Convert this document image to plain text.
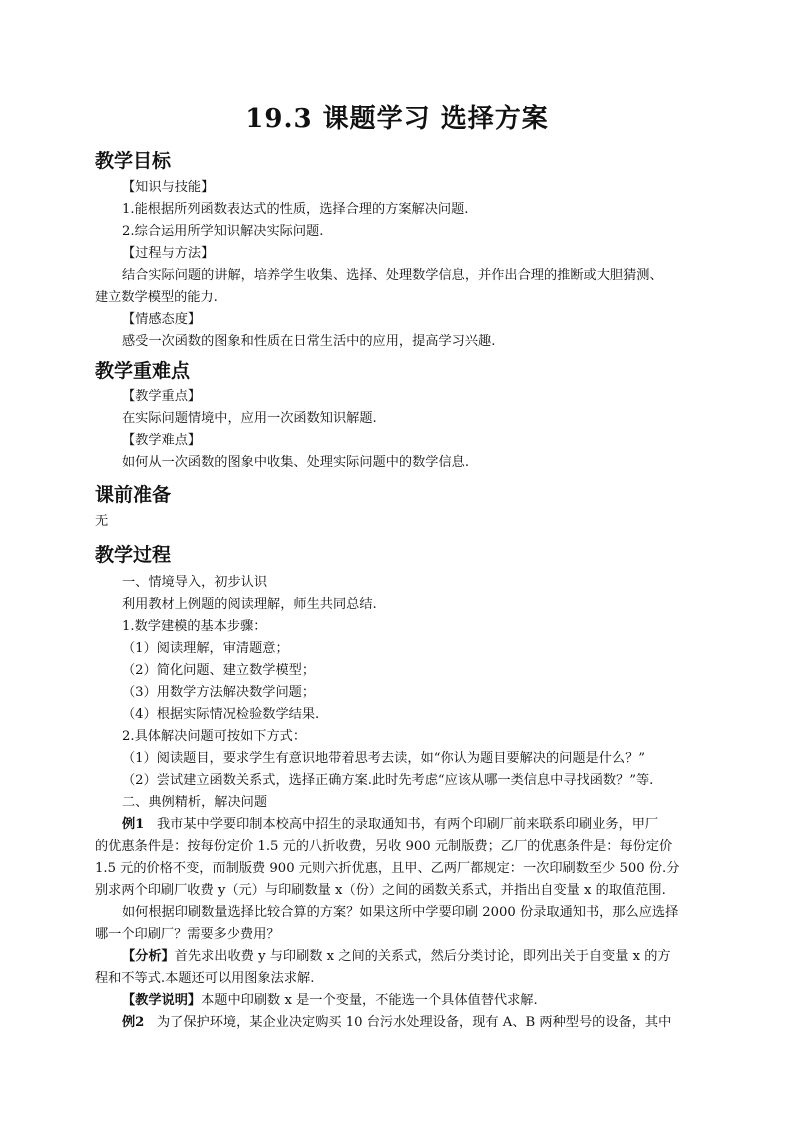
19.3 课题学习 选择方案
教学目标
【知识与技能】
1.能根据所列函数表达式的性质，选择合理的方案解决问题.
2.综合运用所学知识解决实际问题.
【过程与方法】
结合实际问题的讲解，培养学生收集、选择、处理数学信息，并作出合理的推断或大胆猜测、
建立数学模型的能力.
【情感态度】
感受一次函数的图象和性质在日常生活中的应用，提高学习兴趣.
教学重难点
【教学重点】
在实际问题情境中，应用一次函数知识解题.
【教学难点】
如何从一次函数的图象中收集、处理实际问题中的数学信息.
课前准备
无
教学过程
一、情境导入，初步认识
利用教材上例题的阅读理解，师生共同总结.
1.数学建模的基本步骤：
（1）阅读理解，审清题意；
（2）简化问题、建立数学模型；
（3）用数学方法解决数学问题；
（4）根据实际情况检验数学结果.
2.具体解决问题可按如下方式：
（1）阅读题目，要求学生有意识地带着思考去读，如“你认为题目要解决的问题是什么？”
（2）尝试建立函数关系式，选择正确方案.此时先考虑“应该从哪一类信息中寻找函数？”等.
二、典例精析，解决问题
例1 我市某中学要印制本校高中招生的录取通知书，有两个印刷厂前来联系印刷业务，甲厂
的优惠条件是：按每份定价 1.5 元的八折收费，另收 900 元制版费；乙厂的优惠条件是：每份定价
1.5 元的价格不变，而制版费 900 元则六折优惠，且甲、乙两厂都规定：一次印刷数至少 500 份.分
别求两个印刷厂收费 y（元）与印刷数量 x（份）之间的函数关系式，并指出自变量 x 的取值范围.
如何根据印刷数量选择比较合算的方案？如果这所中学要印刷 2000 份录取通知书，那么应选择
哪一个印刷厂？需要多少费用？
【分析】首先求出收费 y 与印刷数 x 之间的关系式，然后分类讨论，即列出关于自变量 x 的方
程和不等式.本题还可以用图象法求解.
【教学说明】本题中印刷数 x 是一个变量，不能选一个具体值替代求解.
例2 为了保护环境，某企业决定购买 10 台污水处理设备，现有 A、B 两种型号的设备，其中
